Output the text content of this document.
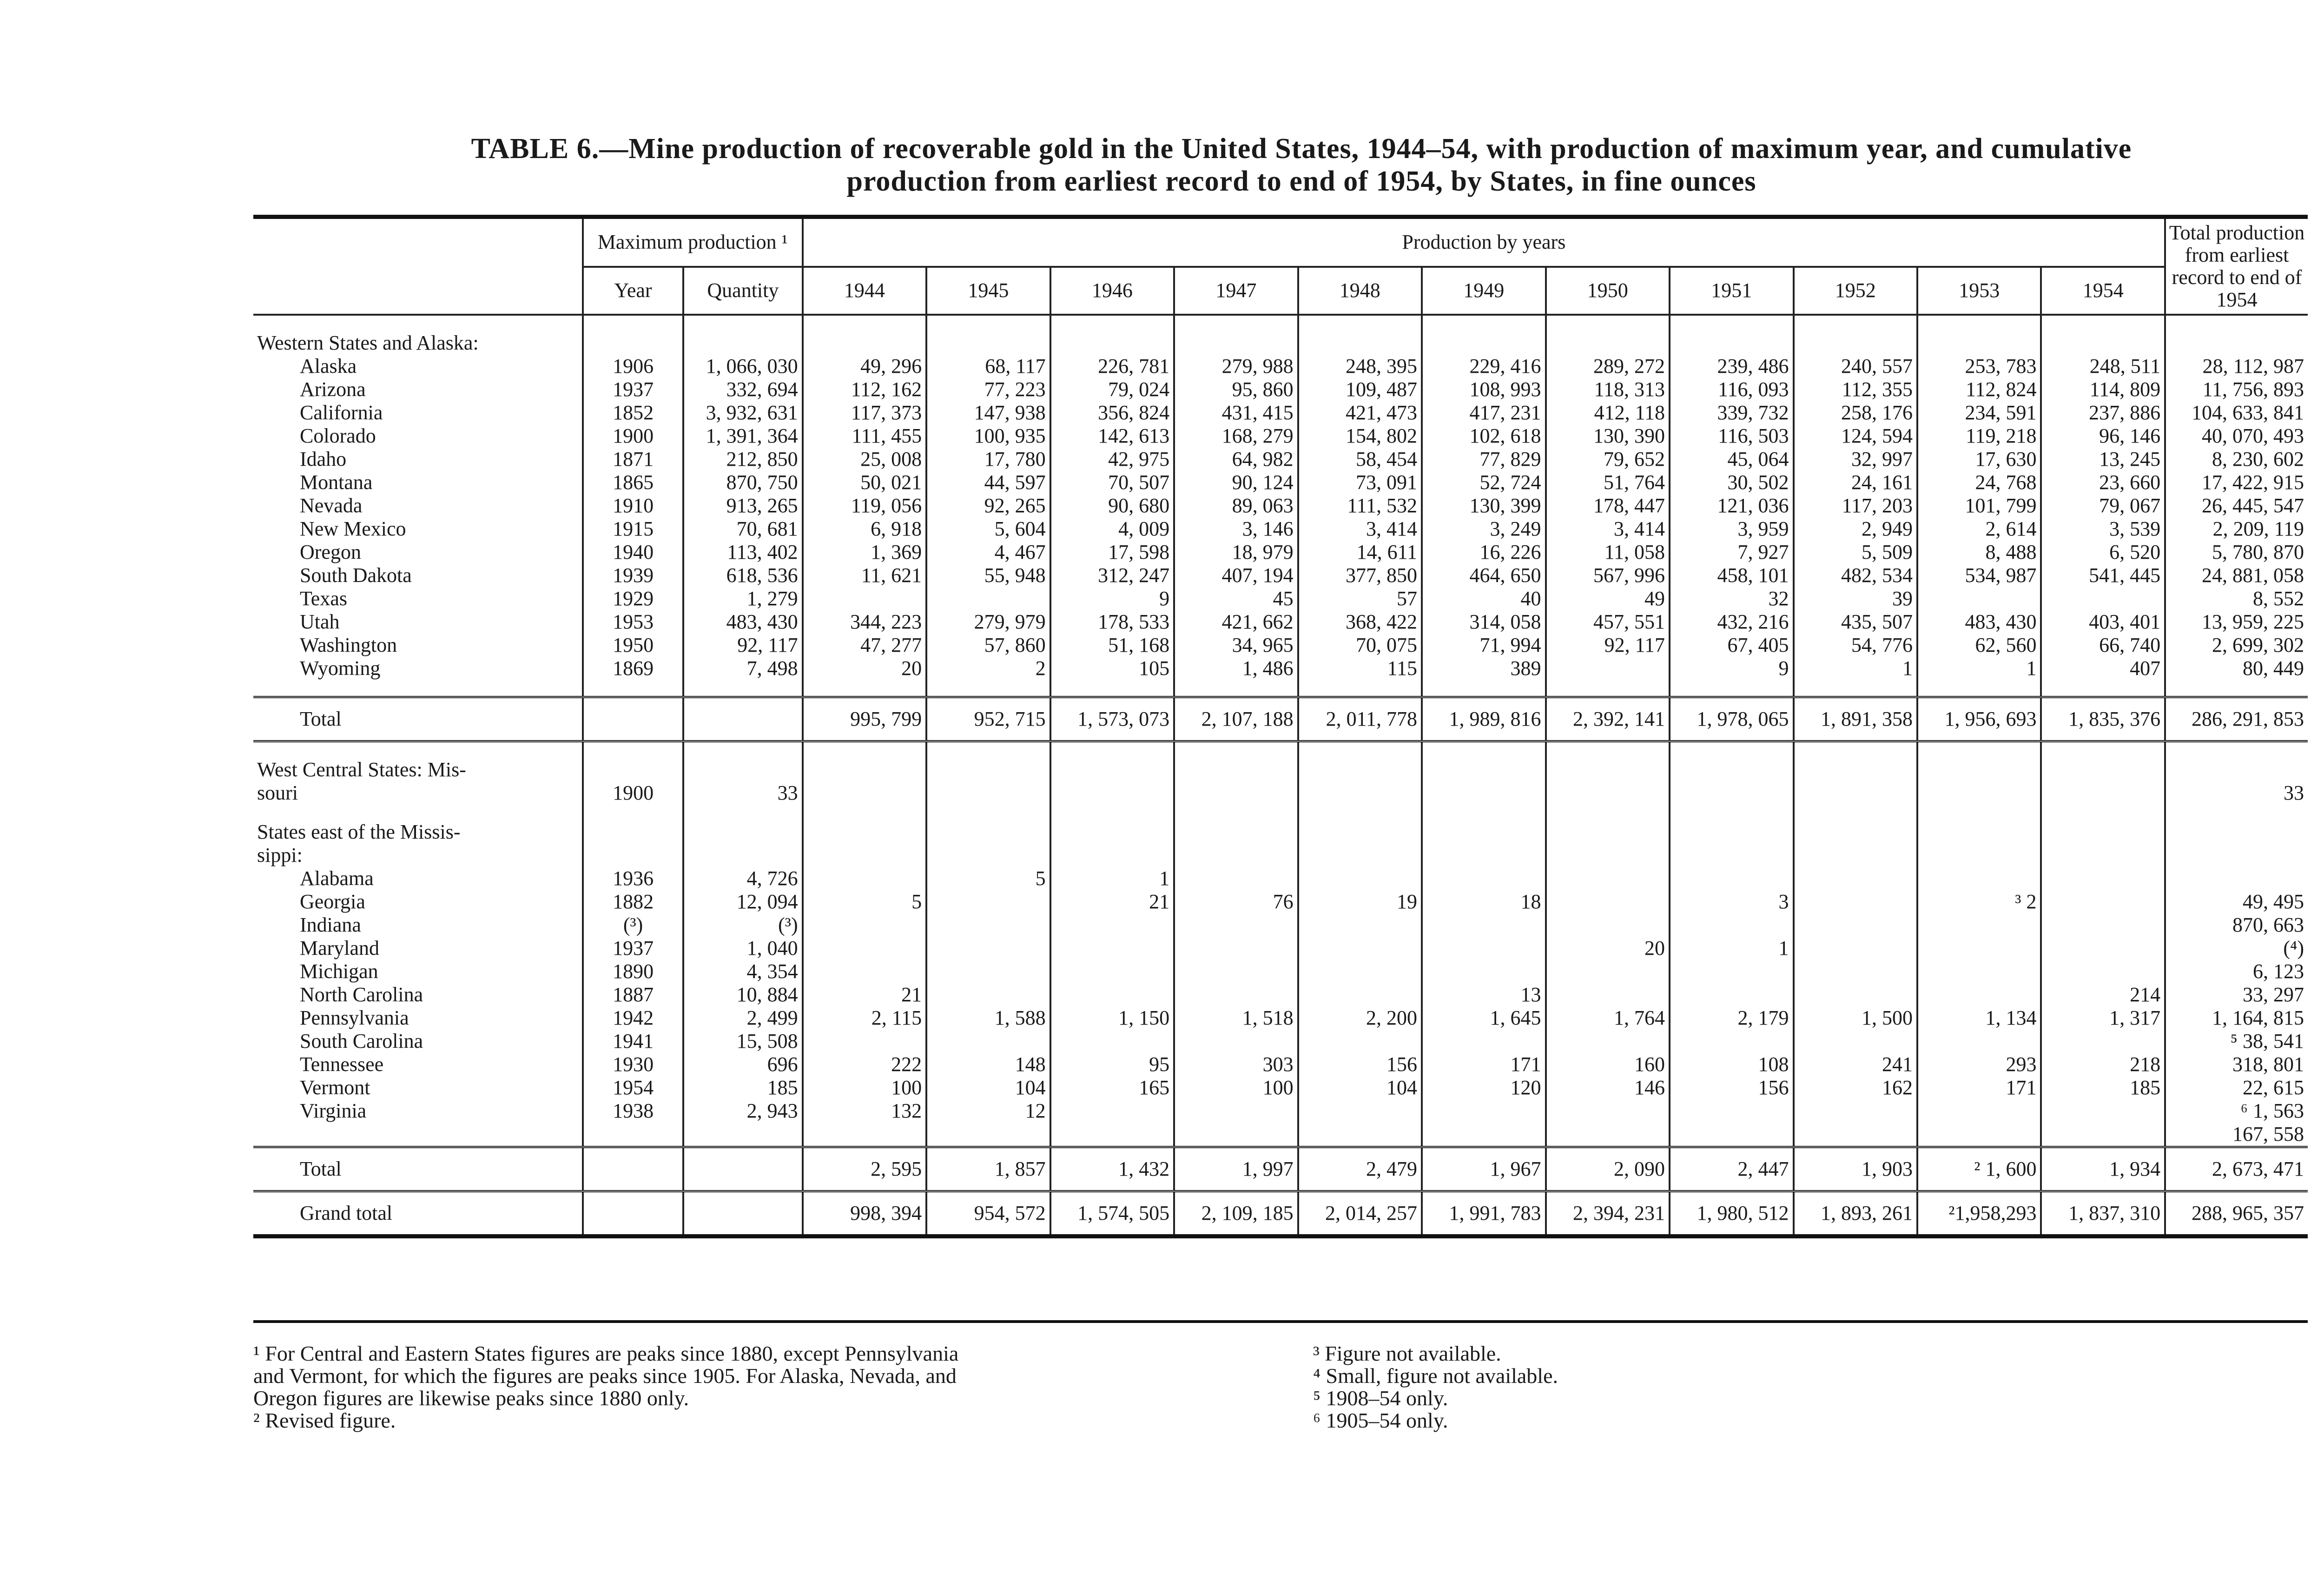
TABLE 6.—Mine production of recoverable gold in the United States, 1944–54, with production of maximum year, and cumulative
production from earliest record to end of 1954, by States, in fine ounces
	Maximum production ¹		Production by years											Total production from earliest record to end of 1954
	Year	Quantity	1944	1945	1946	1947	1948	1949	1950	1951	1952	1953	1954	

Western States and Alaska:														
Alaska	1906	1, 066, 030	49, 296	68, 117	226, 781	279, 988	248, 395	229, 416	289, 272	239, 486	240, 557	253, 783	248, 511	28, 112, 987
Arizona	1937	332, 694	112, 162	77, 223	79, 024	95, 860	109, 487	108, 993	118, 313	116, 093	112, 355	112, 824	114, 809	11, 756, 893
California	1852	3, 932, 631	117, 373	147, 938	356, 824	431, 415	421, 473	417, 231	412, 118	339, 732	258, 176	234, 591	237, 886	104, 633, 841
Colorado	1900	1, 391, 364	111, 455	100, 935	142, 613	168, 279	154, 802	102, 618	130, 390	116, 503	124, 594	119, 218	96, 146	40, 070, 493
Idaho	1871	212, 850	25, 008	17, 780	42, 975	64, 982	58, 454	77, 829	79, 652	45, 064	32, 997	17, 630	13, 245	8, 230, 602
Montana	1865	870, 750	50, 021	44, 597	70, 507	90, 124	73, 091	52, 724	51, 764	30, 502	24, 161	24, 768	23, 660	17, 422, 915
Nevada	1910	913, 265	119, 056	92, 265	90, 680	89, 063	111, 532	130, 399	178, 447	121, 036	117, 203	101, 799	79, 067	26, 445, 547
New Mexico	1915	70, 681	6, 918	5, 604	4, 009	3, 146	3, 414	3, 249	3, 414	3, 959	2, 949	2, 614	3, 539	2, 209, 119
Oregon	1940	113, 402	1, 369	4, 467	17, 598	18, 979	14, 611	16, 226	11, 058	7, 927	5, 509	8, 488	6, 520	5, 780, 870
South Dakota	1939	618, 536	11, 621	55, 948	312, 247	407, 194	377, 850	464, 650	567, 996	458, 101	482, 534	534, 987	541, 445	24, 881, 058
Texas	1929	1, 279			9	45	57	40	49	32	39			8, 552
Utah	1953	483, 430	344, 223	279, 979	178, 533	421, 662	368, 422	314, 058	457, 551	432, 216	435, 507	483, 430	403, 401	13, 959, 225
Washington	1950	92, 117	47, 277	57, 860	51, 168	34, 965	70, 075	71, 994	92, 117	67, 405	54, 776	62, 560	66, 740	2, 699, 302
Wyoming	1869	7, 498	20	2	105	1, 486	115	389		9	1	1	407	80, 449

Total			995, 799	952, 715	1, 573, 073	2, 107, 188	2, 011, 778	1, 989, 816	2, 392, 141	1, 978, 065	1, 891, 358	1, 956, 693	1, 835, 376	286, 291, 853

West Central States: Mis-														
souri	1900	33												33

States east of the Missis-														
sippi:														
Alabama	1936	4, 726		5	1									
Georgia	1882	12, 094	5		21	76	19	18		3		³ 2		49, 495
Indiana	(³)	(³)												870, 663
Maryland	1937	1, 040							20	1				(⁴)
Michigan	1890	4, 354												6, 123
North Carolina	1887	10, 884	21					13					214	33, 297
Pennsylvania	1942	2, 499	2, 115	1, 588	1, 150	1, 518	2, 200	1, 645	1, 764	2, 179	1, 500	1, 134	1, 317	1, 164, 815
South Carolina	1941	15, 508												⁵ 38, 541
Tennessee	1930	696	222	148	95	303	156	171	160	108	241	293	218	318, 801
Vermont	1954	185	100	104	165	100	104	120	146	156	162	171	185	22, 615
Virginia	1938	2, 943	132	12										⁶ 1, 563
														167, 558
Total			2, 595	1, 857	1, 432	1, 997	2, 479	1, 967	2, 090	2, 447	1, 903	² 1, 600	1, 934	2, 673, 471
Grand total			998, 394	954, 572	1, 574, 505	2, 109, 185	2, 014, 257	1, 991, 783	2, 394, 231	1, 980, 512	1, 893, 261	²1,958,293	1, 837, 310	288, 965, 357

¹ For Central and Eastern States figures are peaks since 1880, except Pennsylvania

and Vermont, for which the figures are peaks since 1905. For Alaska, Nevada, and

Oregon figures are likewise peaks since 1880 only.

² Revised figure.

³ Figure not available.

⁴ Small, figure not available.

⁵ 1908–54 only.

⁶ 1905–54 only.
